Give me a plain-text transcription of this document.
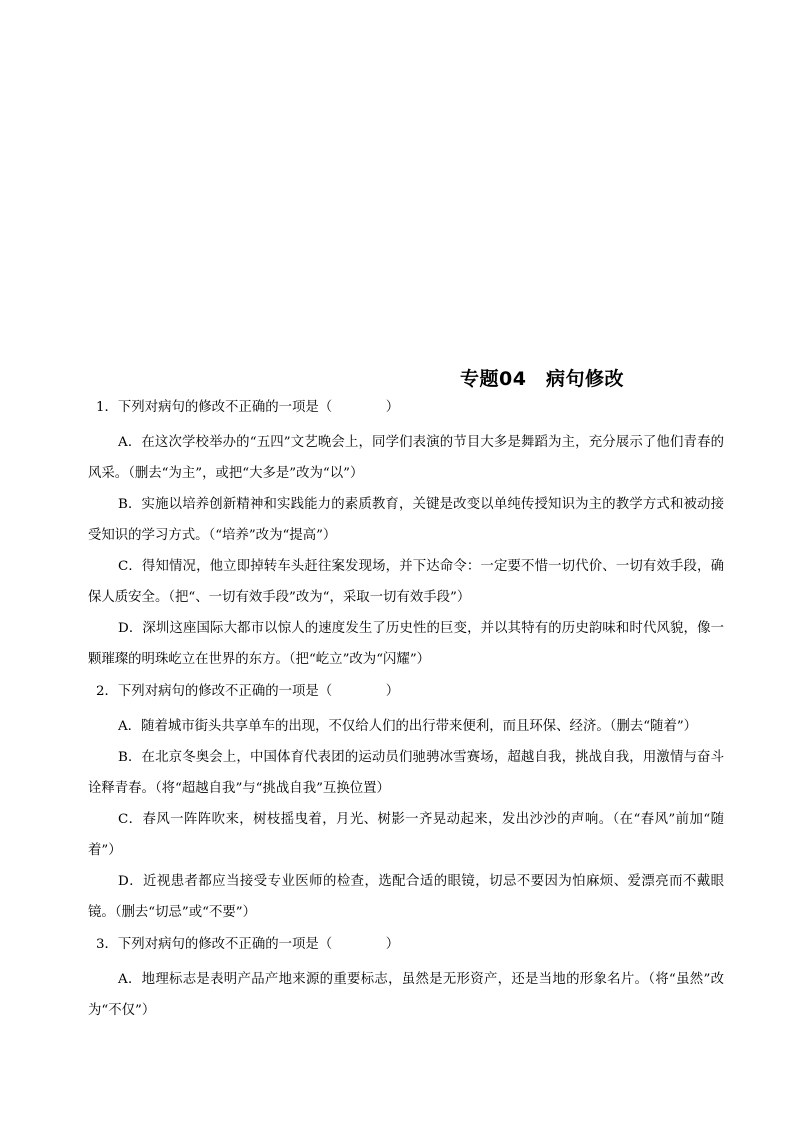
专题04　病句修改

1．下列对病句的修改不正确的一项是（　　　　）

A．在这次学校举办的“五四”文艺晚会上，同学们表演的节目大多是舞蹈为主，充分展示了他们青春的风采。（删去“为主”，或把“大多是”改为“以”）

B．实施以培养创新精神和实践能力的素质教育，关键是改变以单纯传授知识为主的教学方式和被动接受知识的学习方式。（“培养”改为“提高”）

C．得知情况，他立即掉转车头赶往案发现场，并下达命令：一定要不惜一切代价、一切有效手段，确保人质安全。（把“、一切有效手段”改为“，采取一切有效手段”）

D．深圳这座国际大都市以惊人的速度发生了历史性的巨变，并以其特有的历史韵味和时代风貌，像一颗璀璨的明珠屹立在世界的东方。（把“屹立”改为“闪耀”）

2．下列对病句的修改不正确的一项是（　　　　）

A．随着城市街头共享单车的出现，不仅给人们的出行带来便利，而且环保、经济。（删去“随着”）

B．在北京冬奥会上，中国体育代表团的运动员们驰骋冰雪赛场，超越自我，挑战自我，用激情与奋斗诠释青春。（将“超越自我”与“挑战自我”互换位置）

C．春风一阵阵吹来，树枝摇曳着，月光、树影一齐晃动起来，发出沙沙的声响。（在“春风”前加“随着”）

D．近视患者都应当接受专业医师的检查，选配合适的眼镜，切忌不要因为怕麻烦、爱漂亮而不戴眼镜。（删去“切忌”或“不要”）

3．下列对病句的修改不正确的一项是（　　　　）

A．地理标志是表明产品产地来源的重要标志，虽然是无形资产，还是当地的形象名片。（将“虽然”改为“不仅”）
